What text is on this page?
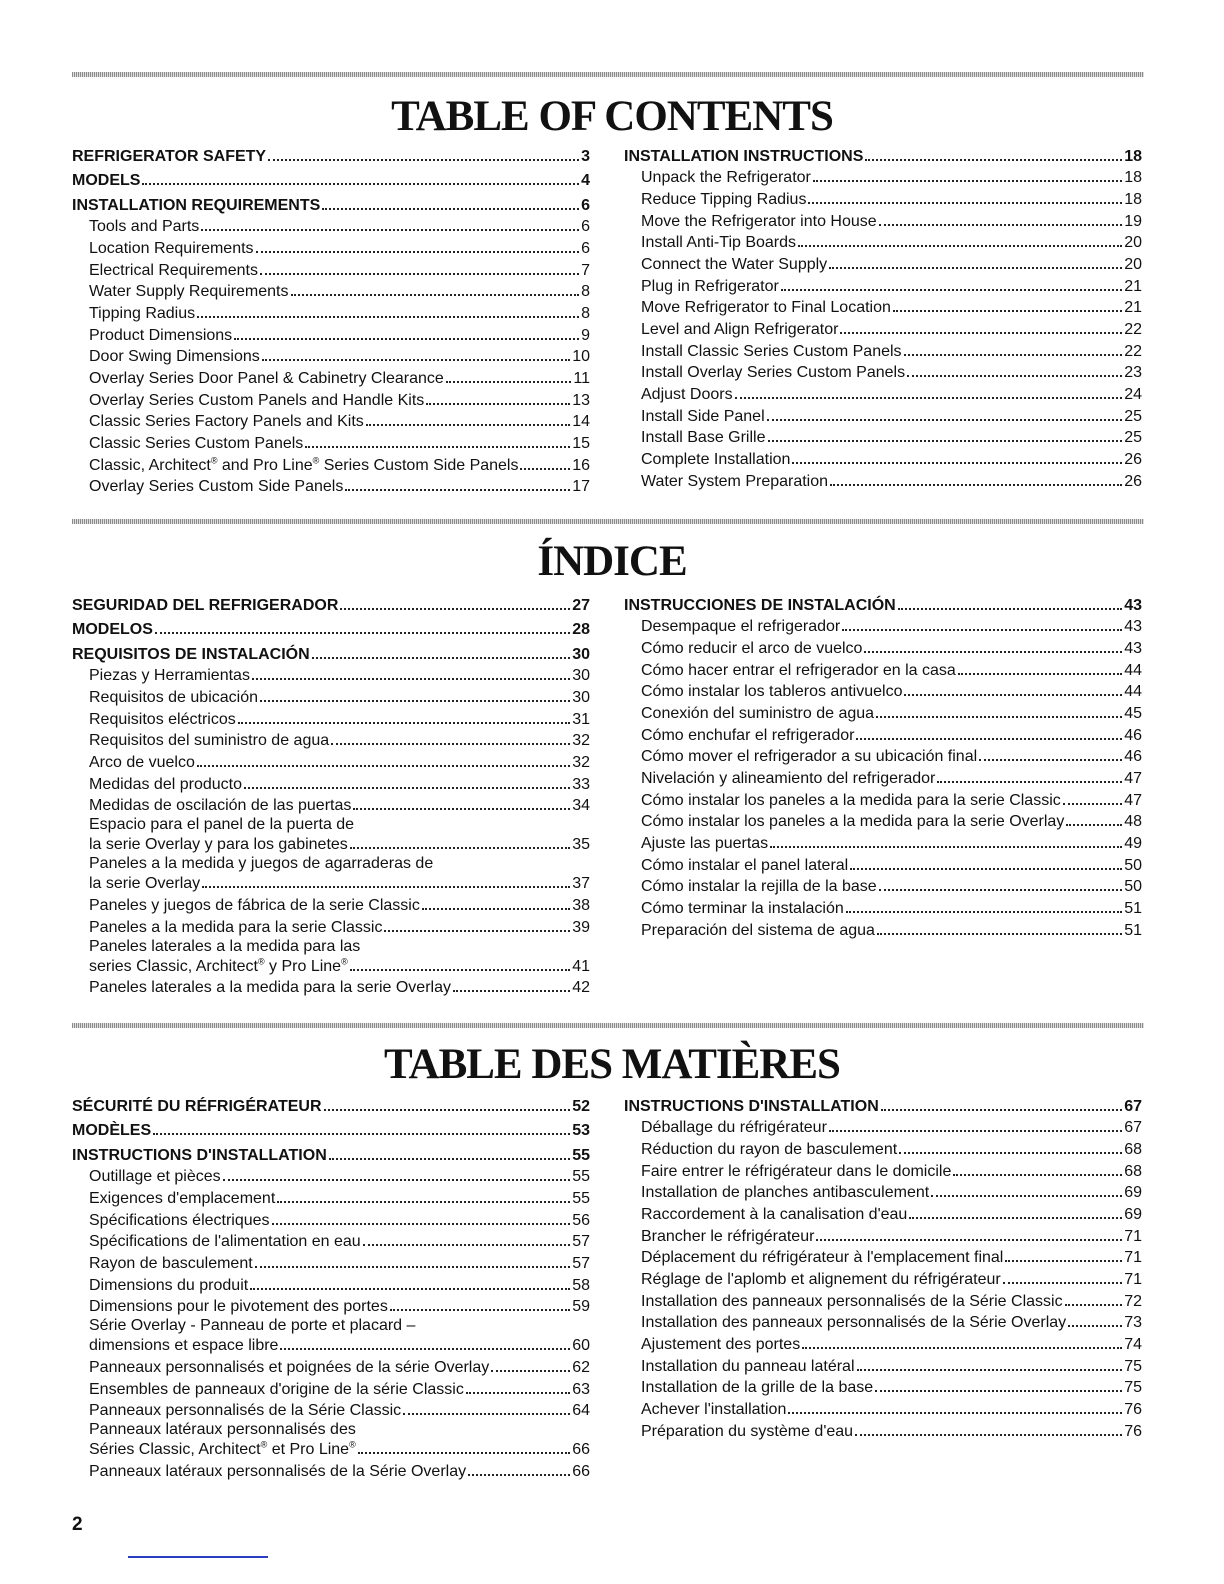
TABLE OF CONTENTS
REFRIGERATOR SAFETY	3
MODELS	4
INSTALLATION REQUIREMENTS	6
Tools and Parts	6
Location Requirements	6
Electrical Requirements	7
Water Supply Requirements	8
Tipping Radius	8
Product Dimensions	9
Door Swing Dimensions	10
Overlay Series Door Panel & Cabinetry Clearance	11
Overlay Series Custom Panels and Handle Kits	13
Classic Series Factory Panels and Kits	14
Classic Series Custom Panels	15
Classic, Architect® and Pro Line® Series Custom Side Panels	16
Overlay Series Custom Side Panels	17
INSTALLATION INSTRUCTIONS	18
Unpack the Refrigerator	18
Reduce Tipping Radius	18
Move the Refrigerator into House	19
Install Anti-Tip Boards	20
Connect the Water Supply	20
Plug in Refrigerator	21
Move Refrigerator to Final Location	21
Level and Align Refrigerator	22
Install Classic Series Custom Panels	22
Install Overlay Series Custom Panels	23
Adjust Doors	24
Install Side Panel	25
Install Base Grille	25
Complete Installation	26
Water System Preparation	26
ÍNDICE
SEGURIDAD DEL REFRIGERADOR	27
MODELOS	28
REQUISITOS DE INSTALACIÓN	30
Piezas y Herramientas	30
Requisitos de ubicación	30
Requisitos eléctricos	31
Requisitos del suministro de agua	32
Arco de vuelco	32
Medidas del producto	33
Medidas de oscilación de las puertas	34
Espacio para el panel de la puerta de
la serie Overlay y para los gabinetes	35
Paneles a la medida y juegos de agarraderas de
la serie Overlay	37
Paneles y juegos de fábrica de la serie Classic	38
Paneles a la medida para la serie Classic	39
Paneles laterales a la medida para las
series Classic, Architect® y Pro Line®	41
Paneles laterales a la medida para la serie Overlay	42
INSTRUCCIONES DE INSTALACIÓN	43
Desempaque el refrigerador	43
Cómo reducir el arco de vuelco	43
Cómo hacer entrar el refrigerador en la casa	44
Cómo instalar los tableros antivuelco	44
Conexión del suministro de agua	45
Cómo enchufar el refrigerador	46
Cómo mover el refrigerador a su ubicación final	46
Nivelación y alineamiento del refrigerador	47
Cómo instalar los paneles a la medida para la serie Classic	47
Cómo instalar los paneles a la medida para la serie Overlay	48
Ajuste las puertas	49
Cómo instalar el panel lateral	50
Cómo instalar la rejilla de la base	50
Cómo terminar la instalación	51
Preparación del sistema de agua	51
TABLE DES MATIÈRES
SÉCURITÉ DU RÉFRIGÉRATEUR	52
MODÈLES	53
INSTRUCTIONS D'INSTALLATION	55
Outillage et pièces	55
Exigences d'emplacement	55
Spécifications électriques	56
Spécifications de l'alimentation en eau	57
Rayon de basculement	57
Dimensions du produit	58
Dimensions pour le pivotement des portes	59
Série Overlay - Panneau de porte et placard –
dimensions et espace libre	60
Panneaux personnalisés et poignées de la série Overlay	62
Ensembles de panneaux d'origine de la série Classic	63
Panneaux personnalisés de la Série Classic	64
Panneaux latéraux personnalisés des
Séries Classic, Architect® et Pro Line®	66
Panneaux latéraux personnalisés de la Série Overlay	66
INSTRUCTIONS D'INSTALLATION	67
Déballage du réfrigérateur	67
Réduction du rayon de basculement	68
Faire entrer le réfrigérateur dans le domicile	68
Installation de planches antibasculement	69
Raccordement à la canalisation d'eau	69
Brancher le réfrigérateur	71
Déplacement du réfrigérateur à l'emplacement final	71
Réglage de l'aplomb et alignement du réfrigérateur	71
Installation des panneaux personnalisés de la Série Classic	72
Installation des panneaux personnalisés de la Série Overlay	73
Ajustement des portes	74
Installation du panneau latéral	75
Installation de la grille de la base	75
Achever l'installation	76
Préparation du système d'eau	76
2
